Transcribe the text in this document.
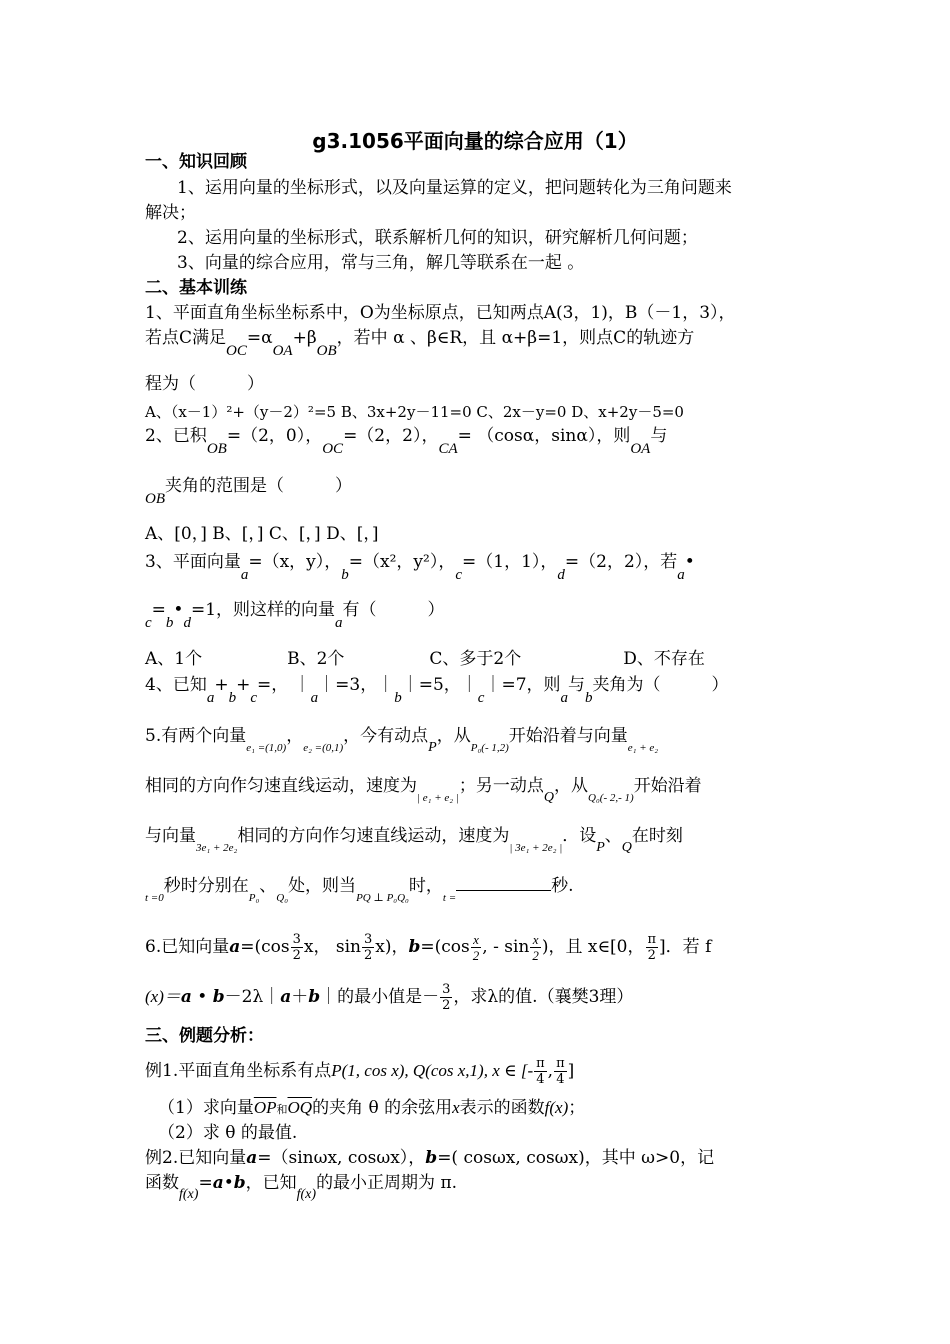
g3.1056平面向量的综合应用（1）
一、知识回顾
1、运用向量的坐标形式，以及向量运算的定义，把问题转化为三角问题来
解决；
2、运用向量的坐标形式，联系解析几何的知识，研究解析几何问题；
3、向量的综合应用，常与三角，解几等联系在一起 。
二、基本训练
1、平面直角坐标坐标系中，O为坐标原点，已知两点A(3，1)，B（－1，3），
若点C满足OC=αOA+βOB，若中 α 、β∈R，且 α+β=1，则点C的轨迹方
程为（　　　）
A、（x－1）²+（y－2）²=5 B、3x+2y－11=0 C、2x－y=0 D、x+2y－5=0
2、已积OB=（2，0），OC=（2，2），CA= （cosα，sinα），则OA与
OB夹角的范围是（　　　）
A、[0，] B、[，] C、[，] D、[，]
3、平面向量a=（x，y），b=（x²，y²），c=（1，1），d=（2，2），若a•
c=b•d=1，则这样的向量a有（　　　）
A、1个　　　　　B、2个　　　　　C、多于2个　　　　　　D、不存在
4、已知a+b+c=， ｜a｜=3，｜b｜=5，｜c｜=7，则a与b夹角为（　　　）
5.有两个向量$_{e_1 =(1,0)}$，$_{e_2 =(0,1)}$，今有动点$_P$，从$_{P_0(- 1,2)}$开始沿着与向量$_{e_1 + e_2}$
相同的方向作匀速直线运动，速度为$_{| e_1 + e_2 |}$；另一动点$_Q$，从$_{Q_0(- 2,- 1)}$开始沿着
与向量$_{3e_1 + 2e_2}$相同的方向作匀速直线运动，速度为$_{| 3e_1 + 2e_2 |}$．设$_P$、$_Q$在时刻
$_{t =0}$秒时分别在$_{P_0}$、$_{Q_0}$处，则当$_{PQ \perp P_0Q_0}$时，$_{t =}$秒.
6.已知向量$a=(\cos \frac{3}{2}$ x， $\sin \frac{3}{2} x$)，$b=(\cos \frac{x}{2}$ , - $\sin \frac{x}{2}$ )，且 x∈[0， $\frac{\pi}{2}$ ]．若 f
(x)＝a • b－2λ｜a＋b｜的最小值是－ $\frac{3}{2}$ ，求λ的值.（襄樊3理）
三、例题分析：
例1.平面直角坐标系有点P(1, cos x), Q(cos x,1), x ∈ [- $\frac{\pi}{4}$ , $\frac{\pi}{4}$ ]
（1）求向量$\overline{OP}$和$\overline{OQ}$的夹角 θ 的余弦用x表示的函数f(x)；
（2）求 θ 的最值.
例2.已知向量a=（sinωx, cosωx），b=( cosωx, cosωx)，其中 ω>0，记
函数$_{f(x)}$=a•b，已知$_{f(x)}$的最小正周期为 π.
